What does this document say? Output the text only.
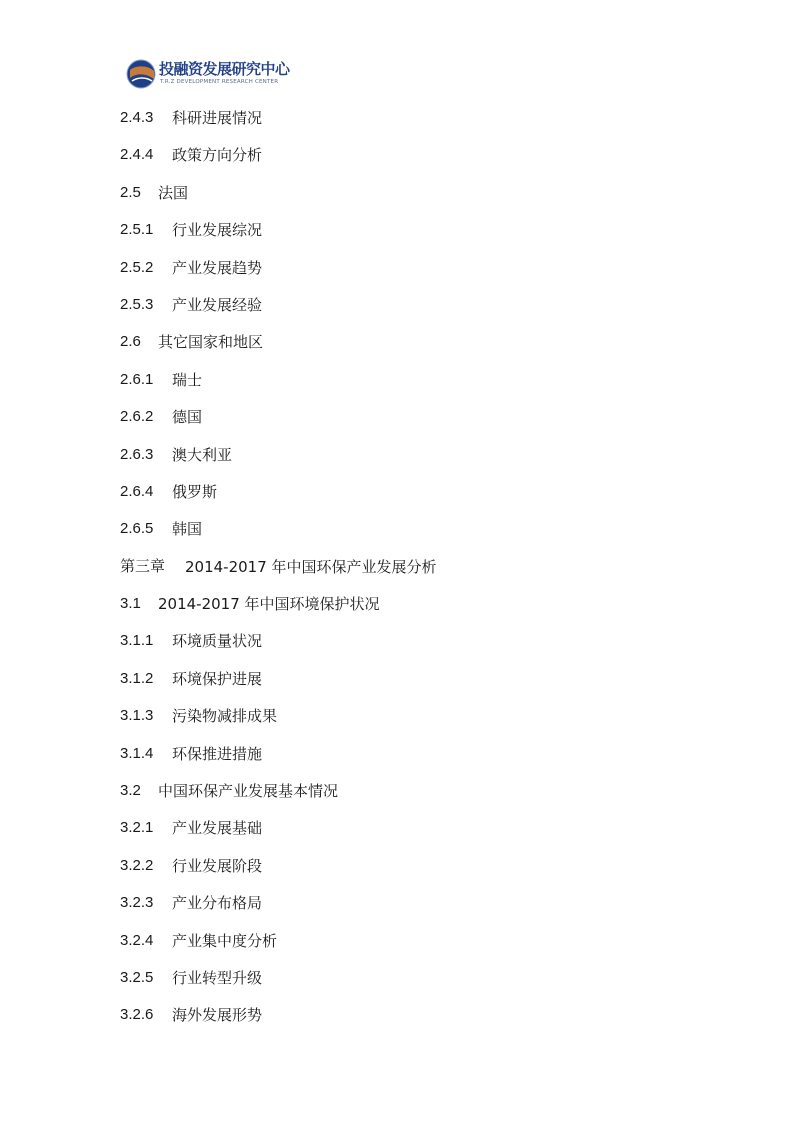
投融资发展研究中心
T.R.Z DEVELOPMENT RESEARCH CENTER
2.4.3	科研进展情况
2.4.4	政策方向分析
2.5	法国
2.5.1	行业发展综况
2.5.2	产业发展趋势
2.5.3	产业发展经验
2.6	其它国家和地区
2.6.1	瑞士
2.6.2	德国
2.6.3	澳大利亚
2.6.4	俄罗斯
2.6.5	韩国
第三章	2014-2017 年中国环保产业发展分析
3.1	2014-2017 年中国环境保护状况
3.1.1	环境质量状况
3.1.2	环境保护进展
3.1.3	污染物减排成果
3.1.4	环保推进措施
3.2	中国环保产业发展基本情况
3.2.1	产业发展基础
3.2.2	行业发展阶段
3.2.3	产业分布格局
3.2.4	产业集中度分析
3.2.5	行业转型升级
3.2.6	海外发展形势
